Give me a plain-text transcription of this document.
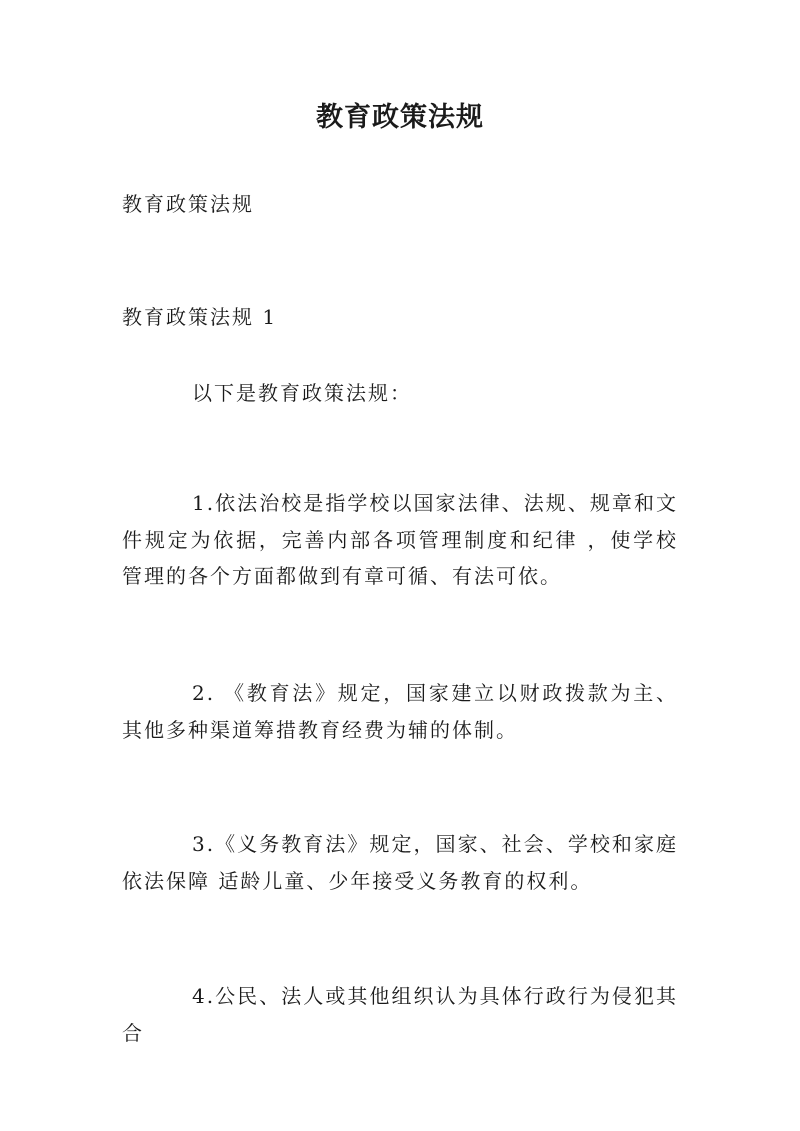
教育政策法规

教育政策法规

教育政策法规 1

以下是教育政策法规：

1.依法治校是指学校以国家法律、法规、规章和文件规定为依据，完善内部各项管理制度和纪律 ，使学校管理的各个方面都做到有章可循、有法可依。

2. 《教育法》规定，国家建立以财政拨款为主、其他多种渠道筹措教育经费为辅的体制。

3.《义务教育法》规定，国家、社会、学校和家庭依法保障 适龄儿童、少年接受义务教育的权利。

4.公民、法人或其他组织认为具体行政行为侵犯其合
